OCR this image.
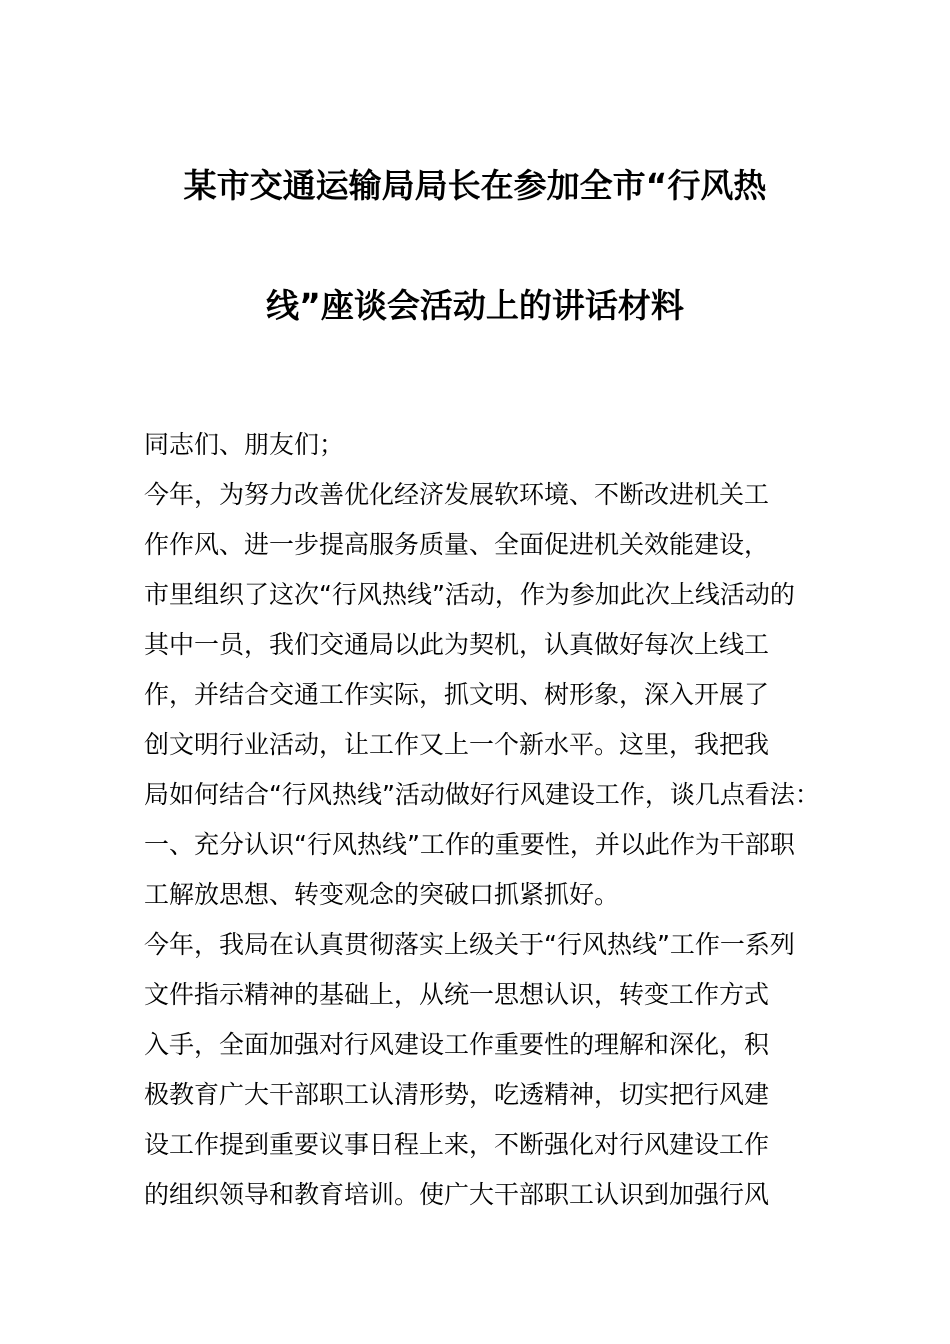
某市交通运输局局长在参加全市“行风热
线”座谈会活动上的讲话材料
同志们、朋友们；
今年，为努力改善优化经济发展软环境、不断改进机关工
作作风、进一步提高服务质量、全面促进机关效能建设，
市里组织了这次“行风热线”活动，作为参加此次上线活动的
其中一员，我们交通局以此为契机，认真做好每次上线工
作，并结合交通工作实际，抓文明、树形象，深入开展了
创文明行业活动，让工作又上一个新水平。这里，我把我
局如何结合“行风热线”活动做好行风建设工作，谈几点看法：
一、充分认识“行风热线”工作的重要性，并以此作为干部职
工解放思想、转变观念的突破口抓紧抓好。
今年，我局在认真贯彻落实上级关于“行风热线”工作一系列
文件指示精神的基础上，从统一思想认识，转变工作方式
入手，全面加强对行风建设工作重要性的理解和深化，积
极教育广大干部职工认清形势，吃透精神，切实把行风建
设工作提到重要议事日程上来，不断强化对行风建设工作
的组织领导和教育培训。使广大干部职工认识到加强行风
